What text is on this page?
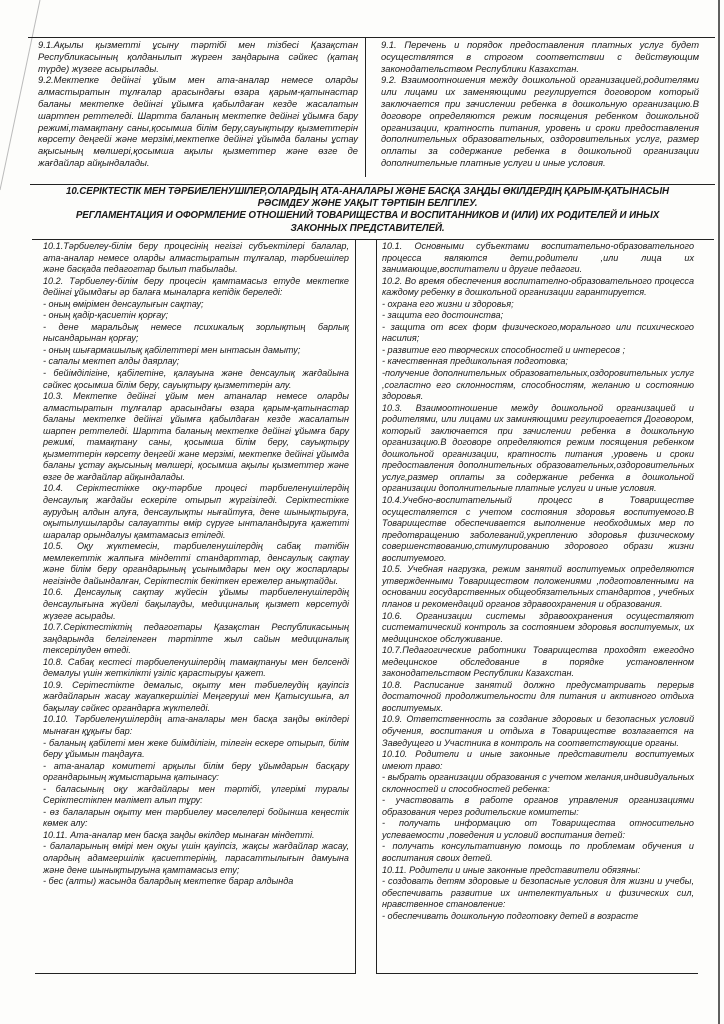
9.1.Ақылы қызметті ұсыну тәртібі мен тізбесі Қазақстан Республикасының қолданылып жүрген заңдарына сәйкес (қатаң түрде) жүзеге асырылады.

9.2.Мектепке дейінгі ұйым мен ата-аналар немесе оларды алмастыратын тұлғалар арасындағы өзара қарым-қатынастар баланы мектепке дейінгі ұйымға қабылдаған кезде жасалатын шартпен реттеледі. Шартта баланың мектепке дейінгі ұйымға бару режимі,тамақтану саны,қосымша білім беру,сауықтыру қызметтерін көрсету деңгейі және мерзімі,мектепке дейінгі ұйымда баланы ұстау ақысының мөлшері,қосымша ақылы қызметтер және өзге де жағдайлар айқындалады.

9.1. Перечень и порядок предоставления платных услуг будет осуществлятся в строгом соответствии с действующим законодательством Республики Казахстан.

9.2. Взаимоотношения между дошкольной организацией,родителями или лицами их заменяющими регулируется договором который заключается при зачислении ребенка в дошкольную организацию.В договоре определяются режим посящения ребенком дошкольной организации, кратность питания, уровень и сроки предоставления дополнительных образовательных, оздоровительных услуг, размер оплаты за содержание ребенка в дошкольной организации дополнительные платные услуги и иные условия.

10.СЕРІКТЕСТІК МЕН ТӘРБИЕЛЕНУШІЛЕР,ОЛАРДЫҢ АТА-АНАЛАРЫ ЖӘНЕ БАСҚА ЗАҢДЫ ӨКІЛДЕРДІҢ ҚАРЫМ-ҚАТЫНАСЫН

РӘСІМДЕУ ЖӘНЕ УАҚЫТ ТӘРТІБІН БЕЛГІЛЕУ.

РЕГЛАМЕНТАЦИЯ И ОФОРМЛЕНИЕ ОТНОШЕНИЙ ТОВАРИЩЕСТВА И ВОСПИТАННИКОВ И (ИЛИ) ИХ РОДИТЕЛЕЙ И ИНЫХ

ЗАКОННЫХ ПРЕДСТАВИТЕЛЕЙ.

10.1.Тәрбиелеу-білім беру процесінің негізгі субъектілері балалар, ата-аналар немесе оларды алмастыратын тұлғалар, тәрбиешілер және басқада педагогтар былып табылады.

10.2. Тәрбиелеу-білім беру процесін қамтамасыз етуде мектепке дейінгі ұйымдағы әр балаға мыналарға кепідік береледі:

- оның өмірімен денсаулығын сақтау;

- оның қадір-қасиетін қорғау;

- дене маральдық немесе психикалық зорлықтың барлық нысандарынан қорғау;

- оның шығармашылық қабілеттері мен ынтасын дамыту;

- сапалы мектеп алды даярлау;

- бейімділігіне, қабілетіне, қалауына және денсаулық жағдайына сәйкес қосымша білім беру, сауықтыру қызметтерін алу.

10.3. Мектепке дейінгі ұйым мен атаналар немесе оларды алмастыратын тұлғалар арасындағы өзара қарым-қатынастар баланы мектепке дейінгі ұйымға қабылдаған кезде жасалатын шарпен реттеледі. Шартта баланың мектепке дейінгі ұйымға бару режимі, тамақтану саны, қосымша білім беру, сауықтыру қызметтерін көрсету деңгейі және мерзімі, мектепке дейінгі ұйымда баланы ұстау ақысының мөлшері, қосымша ақылы қызметтер және өзге де жағдайлар айқындалады.

10.4. Серіктестікке оқу-тәрбие процесі тәрбиеленушілердің денсаулық жағдайы ескеріле отырып жүргізіледі. Серіктестікке аурудың алдын алуға, денсаулықты нығайтуға, дене шынықтыруға, оқытылушыларды салауатты өмір сүруге ынталандыруға қажетті шаралар орындалуы қамтамасыз етіледі.

10.5. Оқу жүктемесін, тәрбиеленушілердің сабақ тәтібін мемлекеттік жалпыға міндетті стандарттар, денсаулық сақтау және білім беру органдарының ұсынымдары мен оқу жоспарлары негізінде дайындалған, Серіктестік бекіткен ережелер анықтайды.

10.6. Денсаулық сақтау жүйесін ұйымы тәрбиеленушілердің денсаулығына жүйелі бақылауды, медициналық қызмет көрсетуді жүзеге асырады.

10.7.Серіктестіктің педагогтары Қазақстан Республикасының заңдарында белгіленген тәртіпте жыл сайын медициналық тексерілуден өтеді.

10.8. Сабақ кестесі тәрбиеленушілердің тамақтануы мен белсенді демалуы үшін жеткілікті үзіліс қарастыруы қажет.

10.9. Серітестікте демалыс, оқыту мен тәбиелеудің қауіпсіз жағдайларын жасау жауапкершілігі Меңгеруші мен Қатысушыға, ал бақылау сәйкес органдарға жүктеледі.

10.10. Тәрбиеленушілердің ата-аналары мен басқа заңды өкілдері мынаған құқығы бар:

- баланың қабілеті мен жеке биімділігін, тілегін ескере отырып, білім беру ұйымын таңдауға.

- ата-аналар комитеті арқылы білім беру ұйымдарын басқару органдарының жұмыстарына қатынасу:

- баласының оқу жағдайлары мен тәртібі, үлгерімі туралы Серіктестікпен мәлімет алып тұру:

- өз балаларын оқыту мен тәрбиелеу мәселелері бойынша кеңестік көмек алу:

10.11. Ата-аналар мен басқа заңды өкілдер мынаған міндетті.

- балаларының өмірі мен оқуы үшін қауіпсіз, жақсы жағдайлар жасау, олардың адамгершілік қасиеттерінің, парасаттылығын дамуына және дене шынықтыруына қамтамасыз ету;

- бес (алты) жасында балардың мектепке барар алдында

10.1. Основными субъектами воспитательно-образовательного процесса являются дети,родители ,или лица их занимающие,воспитатели и другие педагоги.

10.2. Во время обеспечения воспитателно-образовательного процесса каждому ребенку в дошкольной организации гарантируется.

- охрана его жизни и здоровья;

- защита его достоинства;

- защита от всех форм физического,морального или психического насилия;

- развитие его творческих способностей и интересов ;

- качественная предшкольная подготовка;

-получение дополнительных образовательных,оздоровительных услуг ,согластно его склонностям, способностям, желанию и состоянию здоровья.

10.3. Взаимоотношение между дошкольной организацией и родителями, или лицами их заминяющими регулироеается Договором, который заключается при зачислении ребенка в дошкольную организацию.В договоре определяются режим посящения ребенком дошкольной организации, кратность питания ,уровень и сроки предоставления дополнительных образовательных,оздоровительных услуг,размер оплаты за содержание ребенка в дошкольной организации дополнительные платные услуги и иные условия.

10.4.Учебно-воспитательный процесс в Товариществе осуществляется с учетом состояния здоровья воспитуемого.В Товариществе обеспечивается выполнение необходимых мер по предотвращению заболеваний,укреплению здоровья физическому совершенствованию,стимулированию здорового образи жизни воспитуемого.

10.5. Учебная нагрузка, режим занятий воспитуемых определяются утвержденными Товариществом положениями ,подготовленными на основании государственных общеобязательных стандартов , учебных планов и рекомендаций органов здравоохранения и образования.

10.6. Организации системы здравоохранения осуществляют систематический контроль за состоянием здоровья воспитуемых, их медицинское обслуживание.

10.7.Педагогические работники Товарищества проходят ежегодно медецинское обследование в порядке установленном законодательством Республики Казахстан.

10.8. Расписание занятий должно предусматривать перерыв достаточной продолжительности для питания и активного отдыха воспитуемых.

10.9. Ответственность за создание здоровых и безопасных условий обучения, воспитания и отдыха в Товариществе возлагается на Заведущего и Участника в контроль на соответствующие органы.

10.10. Родители и иные законные представители воспитуемых имеют право:

- выбрать организации образования с учетом желания,индивидуальных склонностей и способностей ребенка:

- участвовать в работе органов управления организациями образования через родительские комитеты:

- получать информацию от Товарищества относительно успеваемости ,поведения и условий воспитания детей:

- получать консультативную помощь по проблемам обучения и воспитания своих детей.

10.11. Родители и иные законные представители обязяны:

- создовать детям здоровые и безопасные условия для жизни и учебы, обеспечивать развитие их интелектуальных и физических сил, нравственное становление:

- обеспечивать дошкольную подготовку детей в возрасте
